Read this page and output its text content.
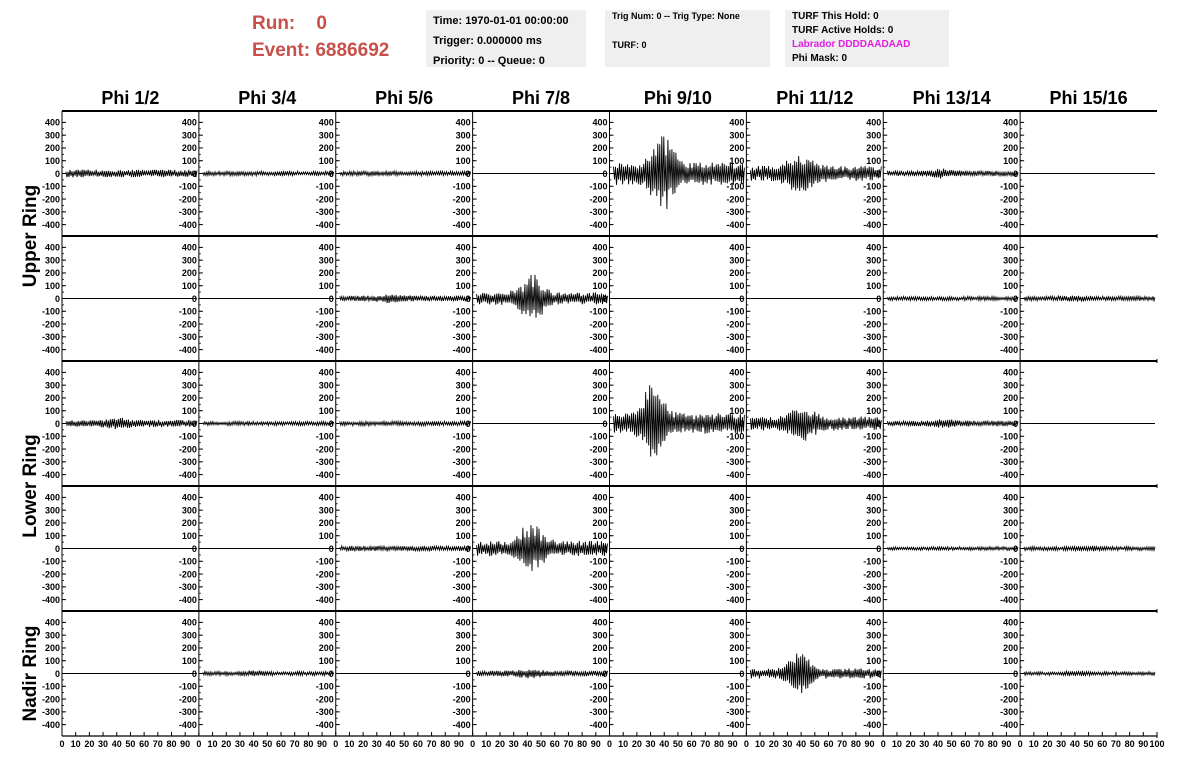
Run: 0
Event: 6886692
Time: 1970-01-01 00:00:00
Trigger: 0.000000 ms
Priority: 0 -- Queue: 0
Trig Num: 0 -- Trig Type: None
TURF: 0
TURF This Hold: 0
TURF Active Holds: 0
Labrador DDDDAADAAD
Phi Mask: 0
Phi 1/2	Phi 3/4	Phi 5/6	Phi 7/8	Phi 9/10	Phi 11/12	Phi 13/14	Phi 15/16
Upper Ring
Lower Ring
Nadir Ring
400
300
200
100
0
-100
-200
-300
-400
400
300
200
100
0
-100
-200
-300
-400
400
300
200
100
0
-100
-200
-300
-400
400
300
200
100
0
-100
-200
-300
-400
400
300
200
100
0
-100
-200
-300
-400
400
300
200
100
0
-100
-200
-300
-400
400
300
200
100
0
-100
-200
-300
-400
400
300
200
100
0
-100
-200
-300
-400
400
300
200
100
0
-100
-200
-300
-400
400
300
200
100
0
-100
-200
-300
-400
400
300
200
100
0
-100
-200
-300
-400
400
300
200
100
0
-100
-200
-300
-400
400
300
200
100
0
-100
-200
-300
-400
400
300
200
100
0
-100
-200
-300
-400
400
300
200
100
0
-100
-200
-300
-400
400
300
200
100
0
-100
-200
-300
-400
400
300
200
100
0
-100
-200
-300
-400
400
300
200
100
0
-100
-200
-300
-400
400
300
200
100
0
-100
-200
-300
-400
400
300
200
100
0
-100
-200
-300
-400
400
300
200
100
0
-100
-200
-300
-400
400
300
200
100
0
-100
-200
-300
-400
400
300
200
100
0
-100
-200
-300
-400
400
300
200
100
0
-100
-200
-300
-400
400
300
200
100
0
-100
-200
-300
-400
400
300
200
100
0
-100
-200
-300
-400
400
300
200
100
0
-100
-200
-300
-400
400
300
200
100
0
-100
-200
-300
-400
400
300
200
100
0
-100
-200
-300
-400
400
300
200
100
0
-100
-200
-300
-400
400
300
200
100
0
-100
-200
-300
-400
400
300
200
100
0
-100
-200
-300
-400
400
300
200
100
0
-100
-200
-300
-400
400
300
200
100
0
-100
-200
-300
-400
400
300
200
100
0
-100
-200
-300
-400
400
300
200
100
0
-100
-200
-300
-400
400
300
200
100
0
-100
-200
-300
-400
400
300
200
100
0
-100
-200
-300
-400
400
300
200
100
0
-100
-200
-300
-400
400
300
200
100
0
-100
-200
-300
-400
0 10 20 30 40 50 60 70 80 90 0 10 20 30 40 50 60 70 80 90 0 10 20 30 40 50 60 70 80 90 0 10 20 30 40 50 60 70 80 90 0 10 20 30 40 50 60 70 80 90 0 10 20 30 40 50 60 70 80 90 0 10 20 30 40 50 60 70 80 90 0 10 20 30 40 50 60 70 80 90 100
